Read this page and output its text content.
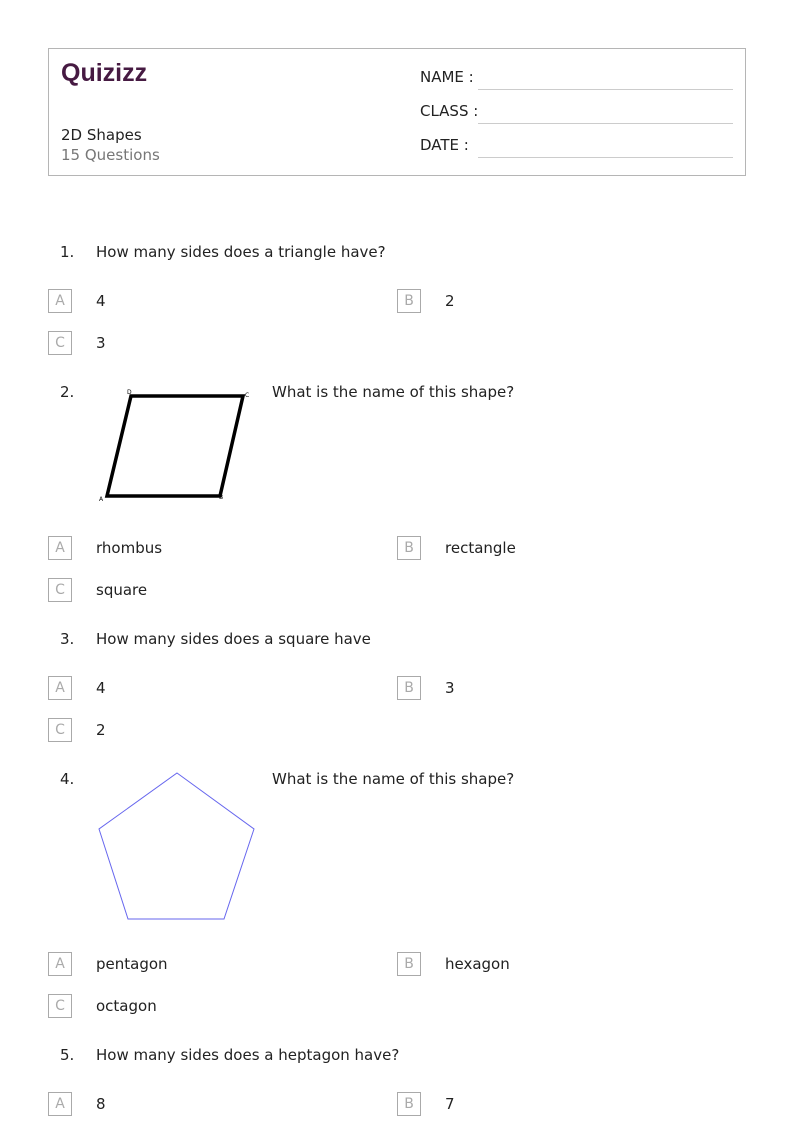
Quizizz
2D Shapes
15 Questions
NAME :
CLASS :
DATE :
1. How many sides does a triangle have?
A	4	B	2
C	3
2.
A	B
C
D	What is the name of this shape?
A	rhombus	B	rectangle
C	square
3. How many sides does a square have
A	4	B	3
C	2
4.	What is the name of this shape?
A	pentagon	B	hexagon
C	octagon
5. How many sides does a heptagon have?
A	8	B	7
